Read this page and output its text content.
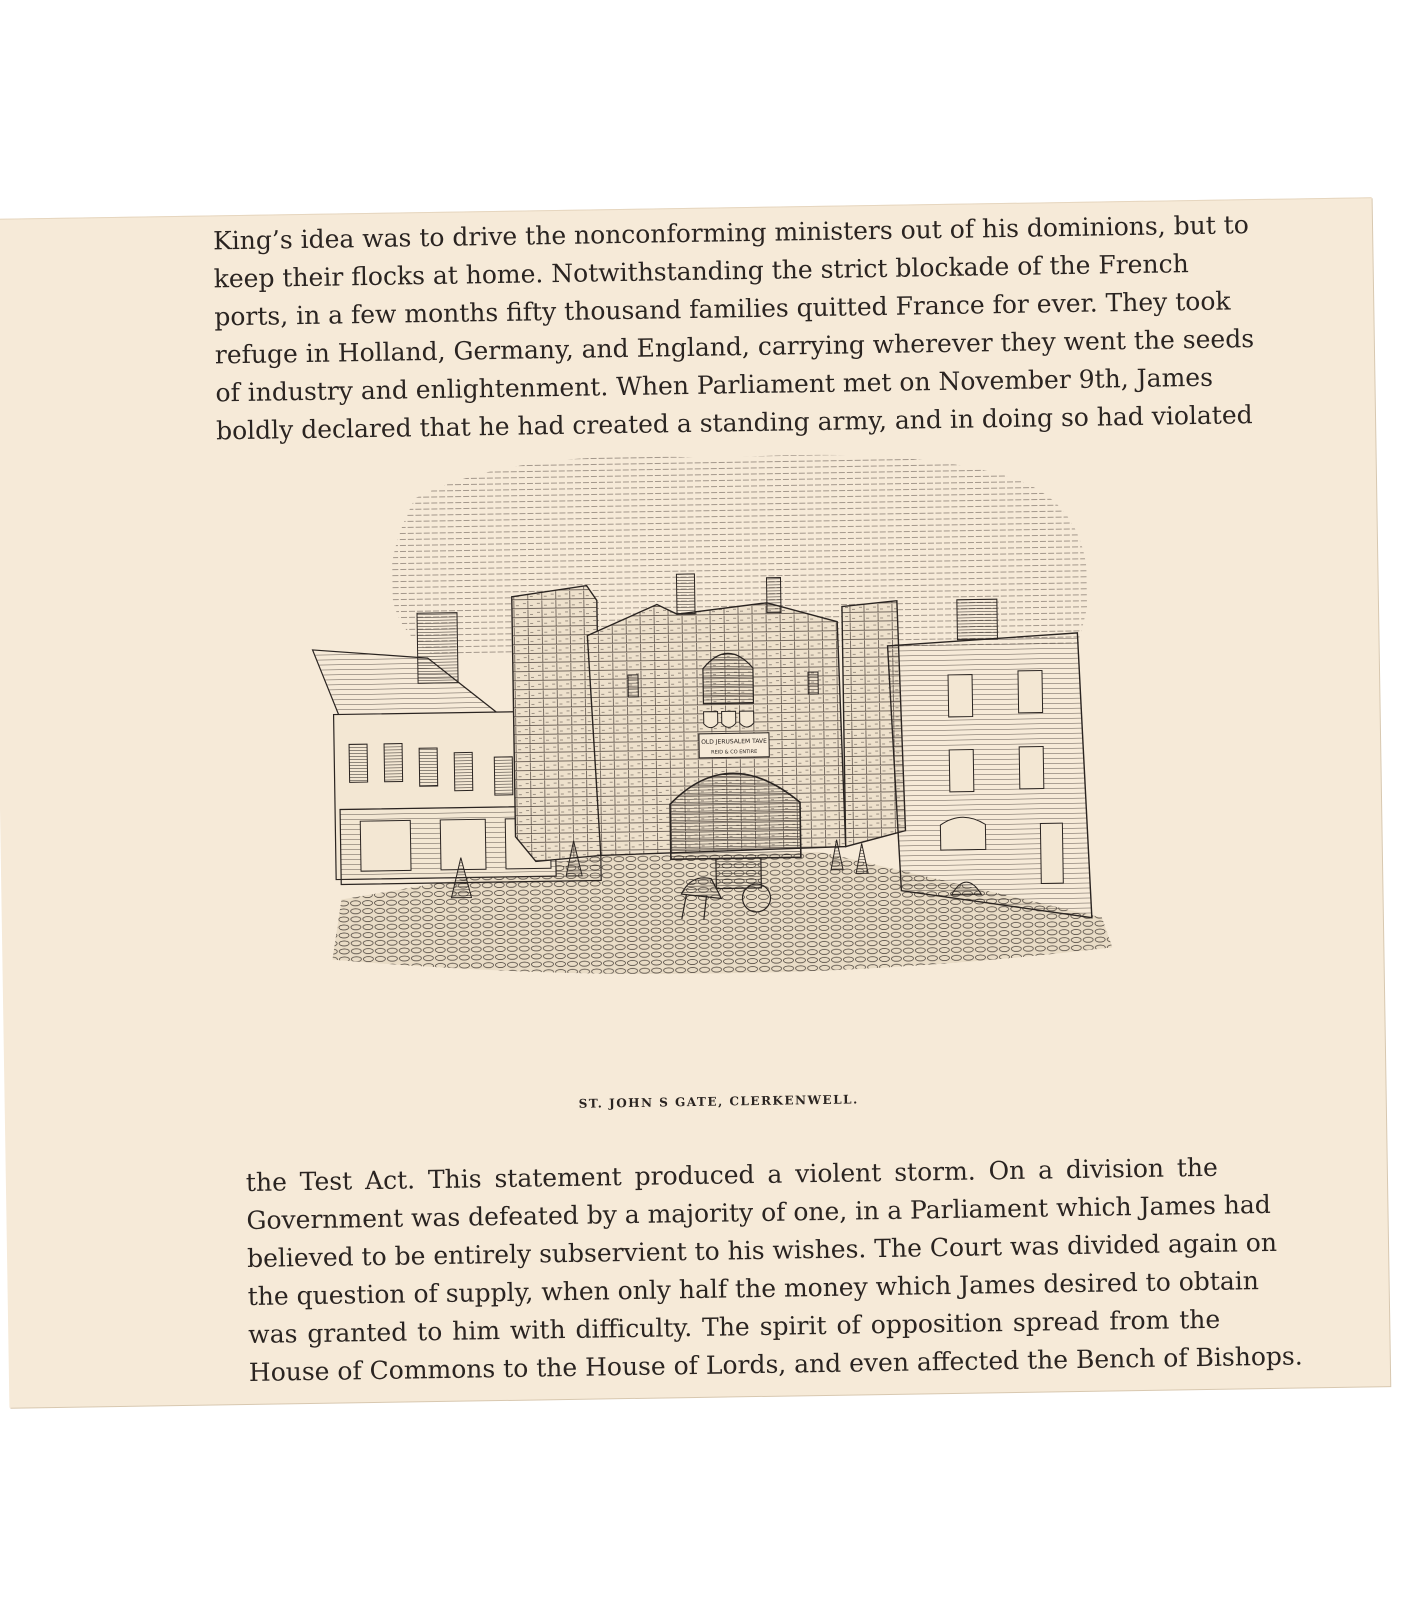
King’s idea was to drive the nonconforming ministers out of his dominions, but to
keep their flocks at home. Notwithstanding the strict blockade of the French
ports, in a few months fifty thousand families quitted France for ever. They took
refuge in Holland, Germany, and England, carrying wherever they went the seeds
of industry and enlightenment. When Parliament met on November 9th, James
boldly declared that he had created a standing army, and in doing so had violated
OLD JERUSALEM TAVE
REID & CO ENTIRE
ST. JOHN S GATE, CLERKENWELL.
the Test Act. This statement produced a violent storm. On a division the
Government was defeated by a majority of one, in a Parliament which James had
believed to be entirely subservient to his wishes. The Court was divided again on
the question of supply, when only half the money which James desired to obtain
was granted to him with difficulty. The spirit of opposition spread from the
House of Commons to the House of Lords, and even affected the Bench of Bishops.
